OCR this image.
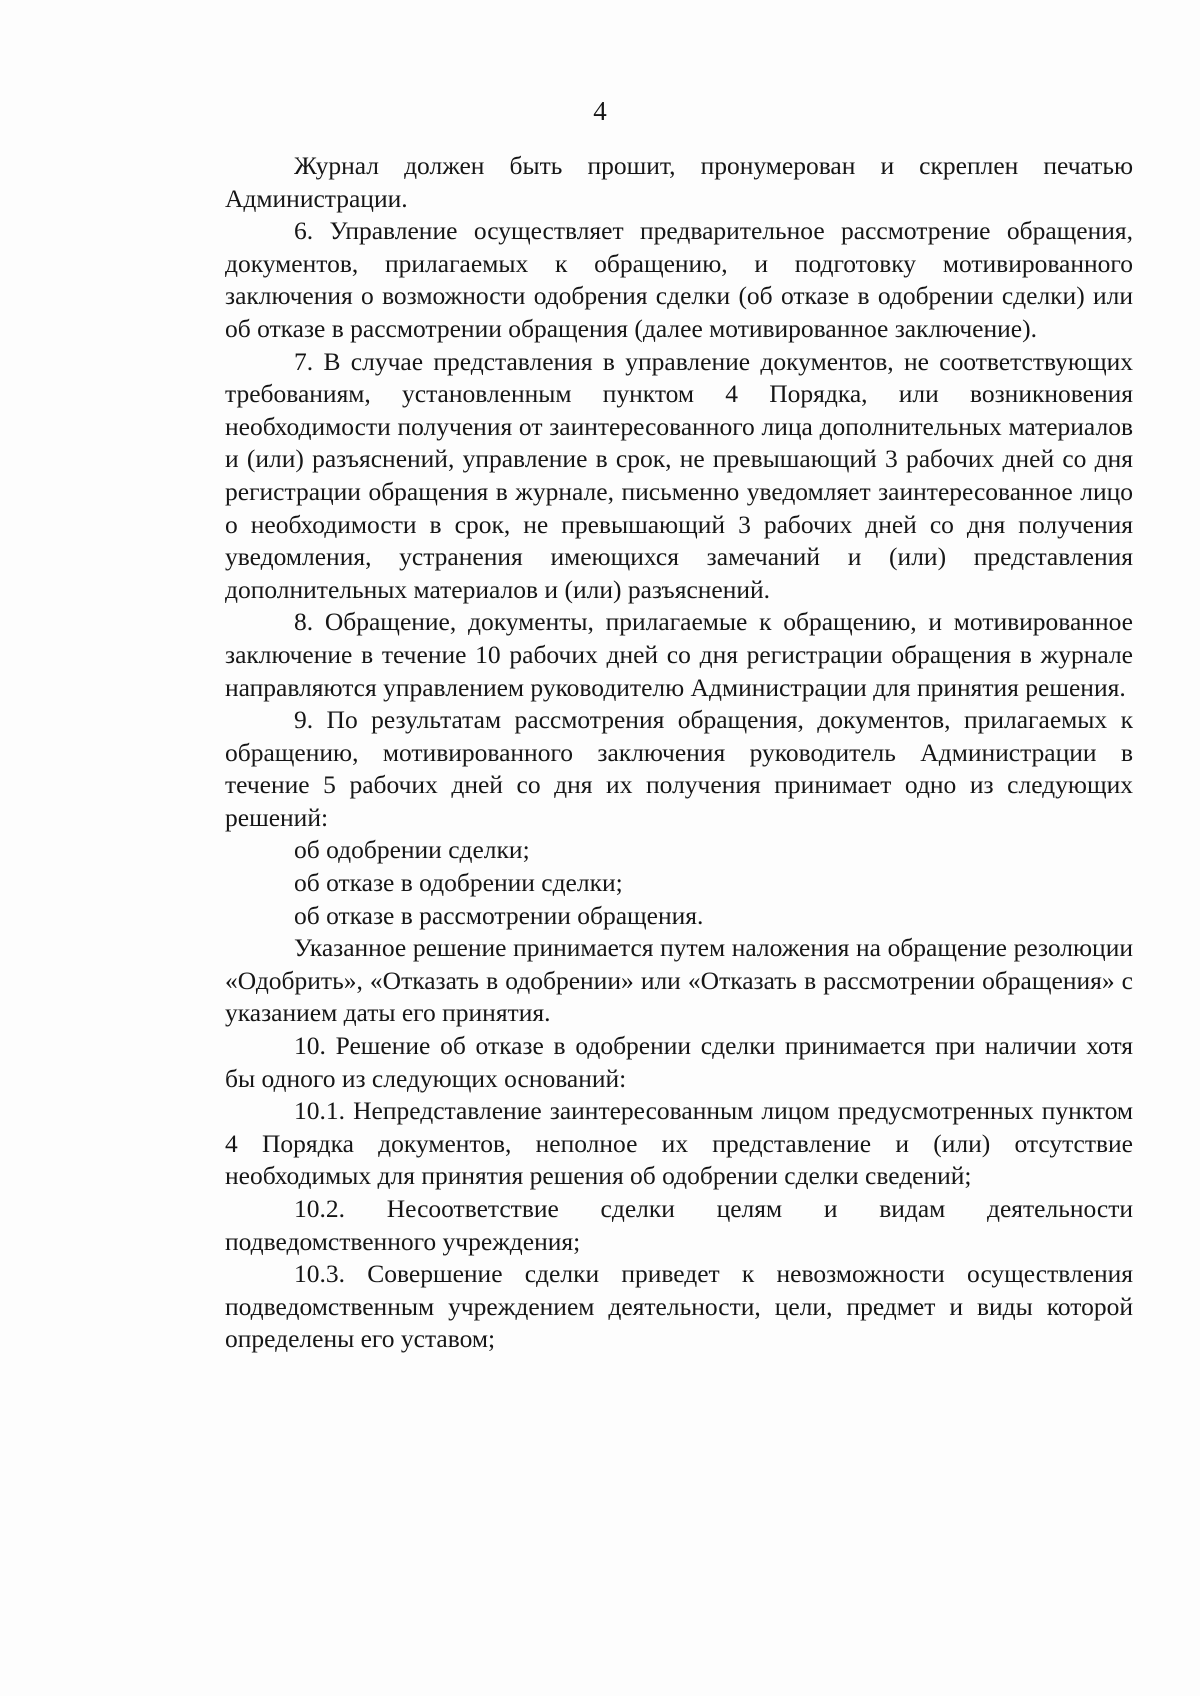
4

Журнал должен быть прошит, пронумерован и скреплен печатью Администрации.

6. Управление осуществляет предварительное рассмотрение обращения, документов, прилагаемых к обращению, и подготовку мотивированного заключения о возможности одобрения сделки (об отказе в одобрении сделки) или об отказе в рассмотрении обращения (далее мотивированное заключение).

7. В случае представления в управление документов, не соответствующих требованиям, установленным пунктом 4 Порядка, или возникновения необходимости получения от заинтересованного лица дополнительных материалов и (или) разъяснений, управление в срок, не превышающий 3 рабочих дней со дня регистрации обращения в журнале, письменно уведомляет заинтересованное лицо о необходимости в срок, не превышающий 3 рабочих дней со дня получения уведомления, устранения имеющихся замечаний и (или) представления дополнительных материалов и (или) разъяснений.

8. Обращение, документы, прилагаемые к обращению, и мотивированное заключение в течение 10 рабочих дней со дня регистрации обращения в журнале направляются управлением руководителю Администрации для принятия решения.

9. По результатам рассмотрения обращения, документов, прилагаемых к обращению, мотивированного заключения руководитель Администрации в течение 5 рабочих дней со дня их получения принимает одно из следующих решений:

об одобрении сделки;

об отказе в одобрении сделки;

об отказе в рассмотрении обращения.

Указанное решение принимается путем наложения на обращение резолюции «Одобрить», «Отказать в одобрении» или «Отказать в рассмотрении обращения» с указанием даты его принятия.

10. Решение об отказе в одобрении сделки принимается при наличии хотя бы одного из следующих оснований:

10.1. Непредставление заинтересованным лицом предусмотренных пунктом 4 Порядка документов, неполное их представление и (или) отсутствие необходимых для принятия решения об одобрении сделки сведений;

10.2. Несоответствие сделки целям и видам деятельности подведомственного учреждения;

10.3. Совершение сделки приведет к невозможности осуществления подведомственным учреждением деятельности, цели, предмет и виды которой определены его уставом;
